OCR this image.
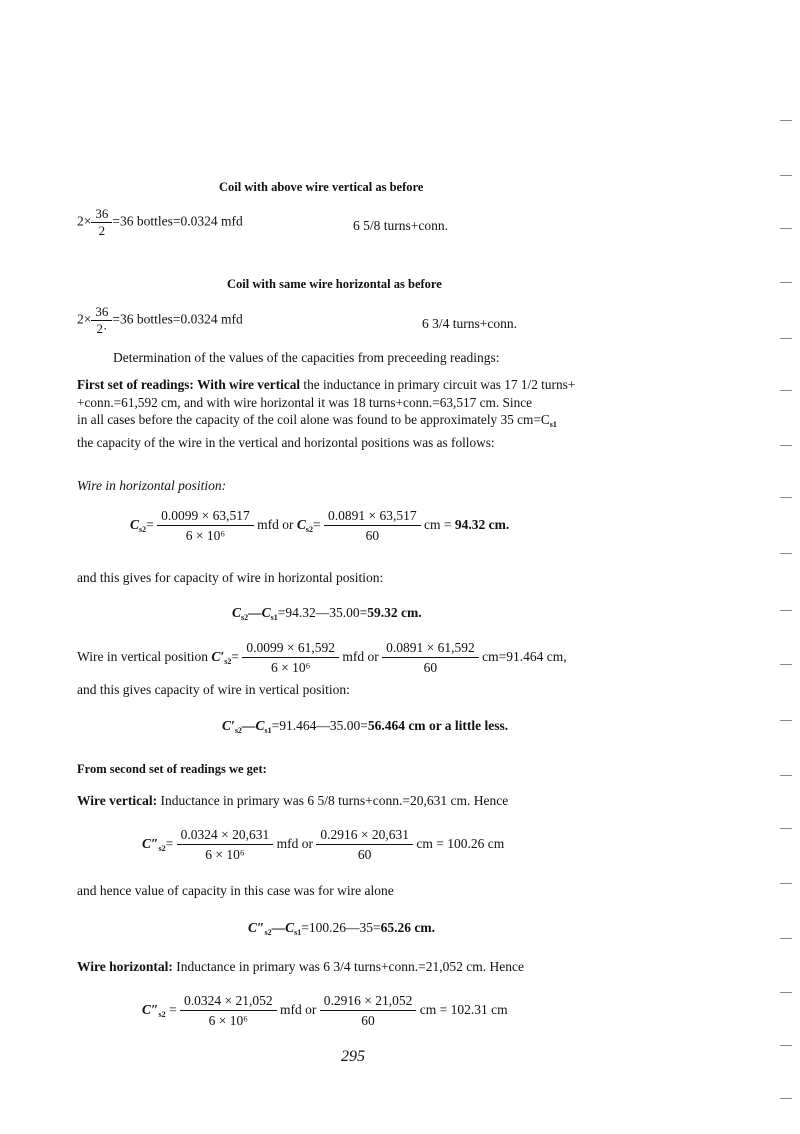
Coil with above wire vertical as before
$2\times \frac{36}{2} =36$ bottles=0.0324 mfd	6 5/8 turns+conn.
Coil with same wire horizontal as before
$2\times \frac{36}{2\cdot} =36$ bottles=0.0324 mfd	6 3/4 turns+conn.
Determination of the values of the capacities from preceeding readings:
First set of readings: With wire vertical the inductance in primary circuit was 17 1/2 turns+
+conn.=61,592 cm, and with wire horizontal it was 18 turns+conn.=63,517 cm. Since
in all cases before the capacity of the coil alone was found to be approximately 35 $cm=C_{s1}$
the capacity of the wire in the vertical and horizontal positions was as follows:
Wire in horizontal position:
$C_{s2}= \frac{0.0099 \times 63,517}{\text{6 × 10⁶}}$ mfd or $C_{s2}= \frac{0.0891 \times 63,517}{60}$ cm = 94.32 cm.
and this gives for capacity of wire in horizontal position:
$C_{s2}—C_{s1}=94.32—35.00=59.32$ cm.
Wire in vertical position $C'_{s2}= \frac{0.0099 \times 61,592}{\text{6 × 10⁶}}$ mfd or $\frac{0.0891 \times 61,592}{60} cm=91.464$ cm,
and this gives capacity of wire in vertical position:
$C'_{s2}—C_{s1}=91.464—35.00=56.464$ cm or a little less.
From second set of readings we get:
Wire vertical: Inductance in primary was 6 5/8 turns+conn.=20,631 cm. Hence
$C''_{s2}= \frac{0.0324 \times 20,631}{\text{6 × 10⁶}}$ mfd or $\frac{0.2916 \times 20,631}{60}$ cm = 100.26 cm
and hence value of capacity in this case was for wire alone
$C''_{s2}—C_{s1}=100.26—35=65.26$ cm.
Wire horizontal: Inductance in primary was 6 3/4 turns+conn.=21,052 cm. Hence
$C''_{s2} = \frac{0.0324 \times 21,052}{\text{6 × 10⁶}}$ mfd or $\frac{0.2916 \times 21,052}{60}$ cm = 102.31 cm
295
